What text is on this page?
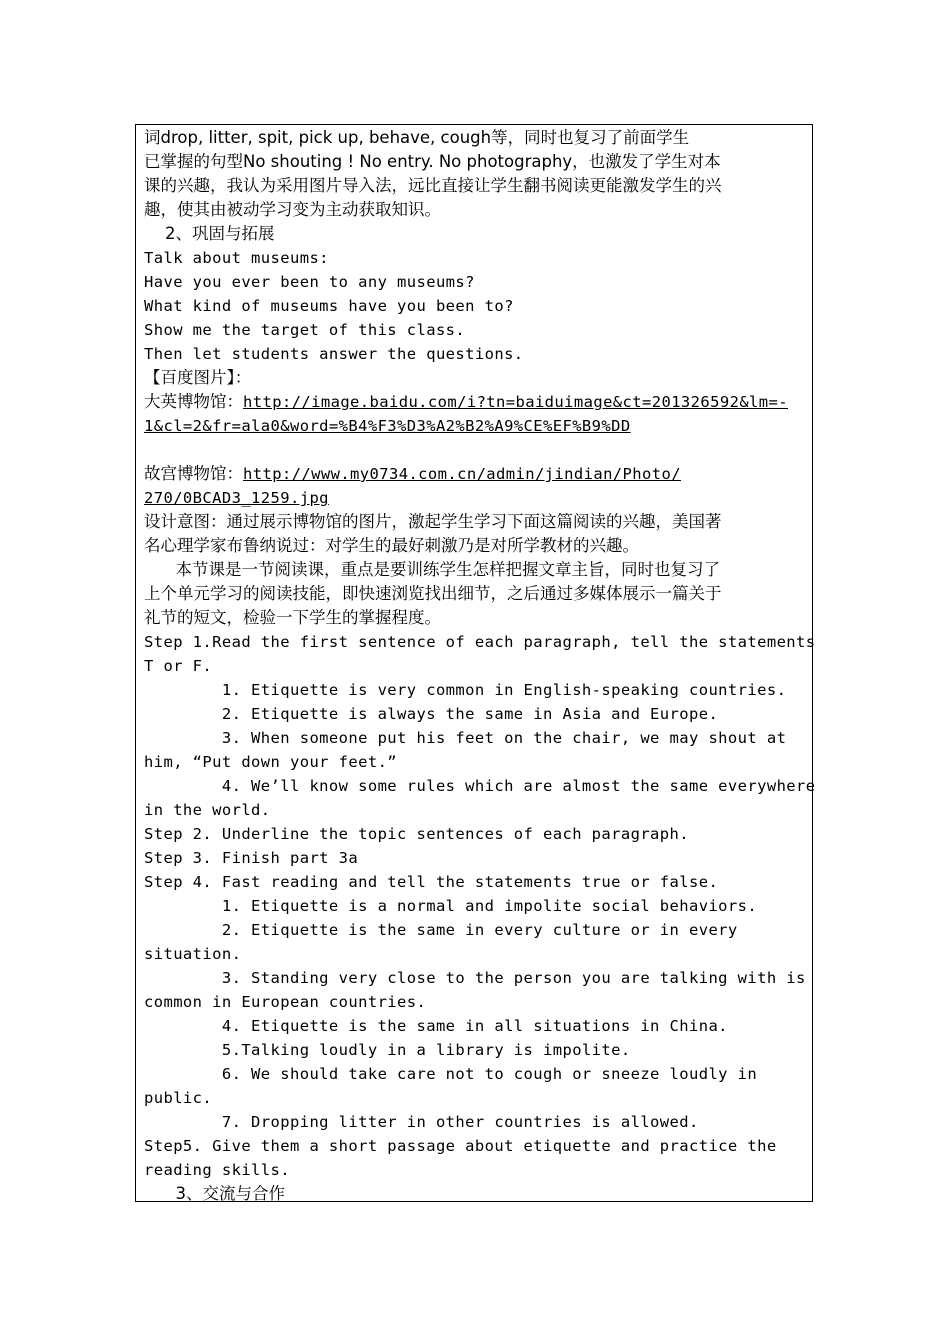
词drop, litter, spit, pick up, behave, cough等，同时也复习了前面学生
已掌握的句型No shouting ! No entry. No photography，也激发了学生对本
课的兴趣，我认为采用图片导入法，远比直接让学生翻书阅读更能激发学生的兴
趣，使其由被动学习变为主动获取知识。
2、巩固与拓展
Talk about museums:
Have you ever been to any museums?
What kind of museums have you been to?
Show me the target of this class.
Then let students answer the questions.
【百度图片】：
大英博物馆：http://image.baidu.com/i?tn=baiduimage&ct=201326592&lm=-
1&cl=2&fr=ala0&word=%B4%F3%D3%A2%B2%A9%CE%EF%B9%DD
故宫博物馆：http://www.my0734.com.cn/admin/jindian/Photo/
270/0BCAD3_1259.jpg
设计意图：通过展示博物馆的图片，激起学生学习下面这篇阅读的兴趣，美国著
名心理学家布鲁纳说过：对学生的最好刺激乃是对所学教材的兴趣。
本节课是一节阅读课，重点是要训练学生怎样把握文章主旨，同时也复习了
上个单元学习的阅读技能，即快速浏览找出细节，之后通过多媒体展示一篇关于
礼节的短文，检验一下学生的掌握程度。
Step 1.Read the first sentence of each paragraph, tell the statements
T or F.
1. Etiquette is very common in English-speaking countries.
2. Etiquette is always the same in Asia and Europe.
3. When someone put his feet on the chair, we may shout at
him, “Put down your feet.”
4. We’ll know some rules which are almost the same everywhere
in the world.
Step 2. Underline the topic sentences of each paragraph.
Step 3. Finish part 3a
Step 4. Fast reading and tell the statements true or false.
1. Etiquette is a normal and impolite social behaviors.
2. Etiquette is the same in every culture or in every
situation.
3. Standing very close to the person you are talking with is
common in European countries.
4. Etiquette is the same in all situations in China.
5.Talking loudly in a library is impolite.
6. We should take care not to cough or sneeze loudly in
public.
7. Dropping litter in other countries is allowed.
Step5. Give them a short passage about etiquette and practice the
reading skills.
3、交流与合作
